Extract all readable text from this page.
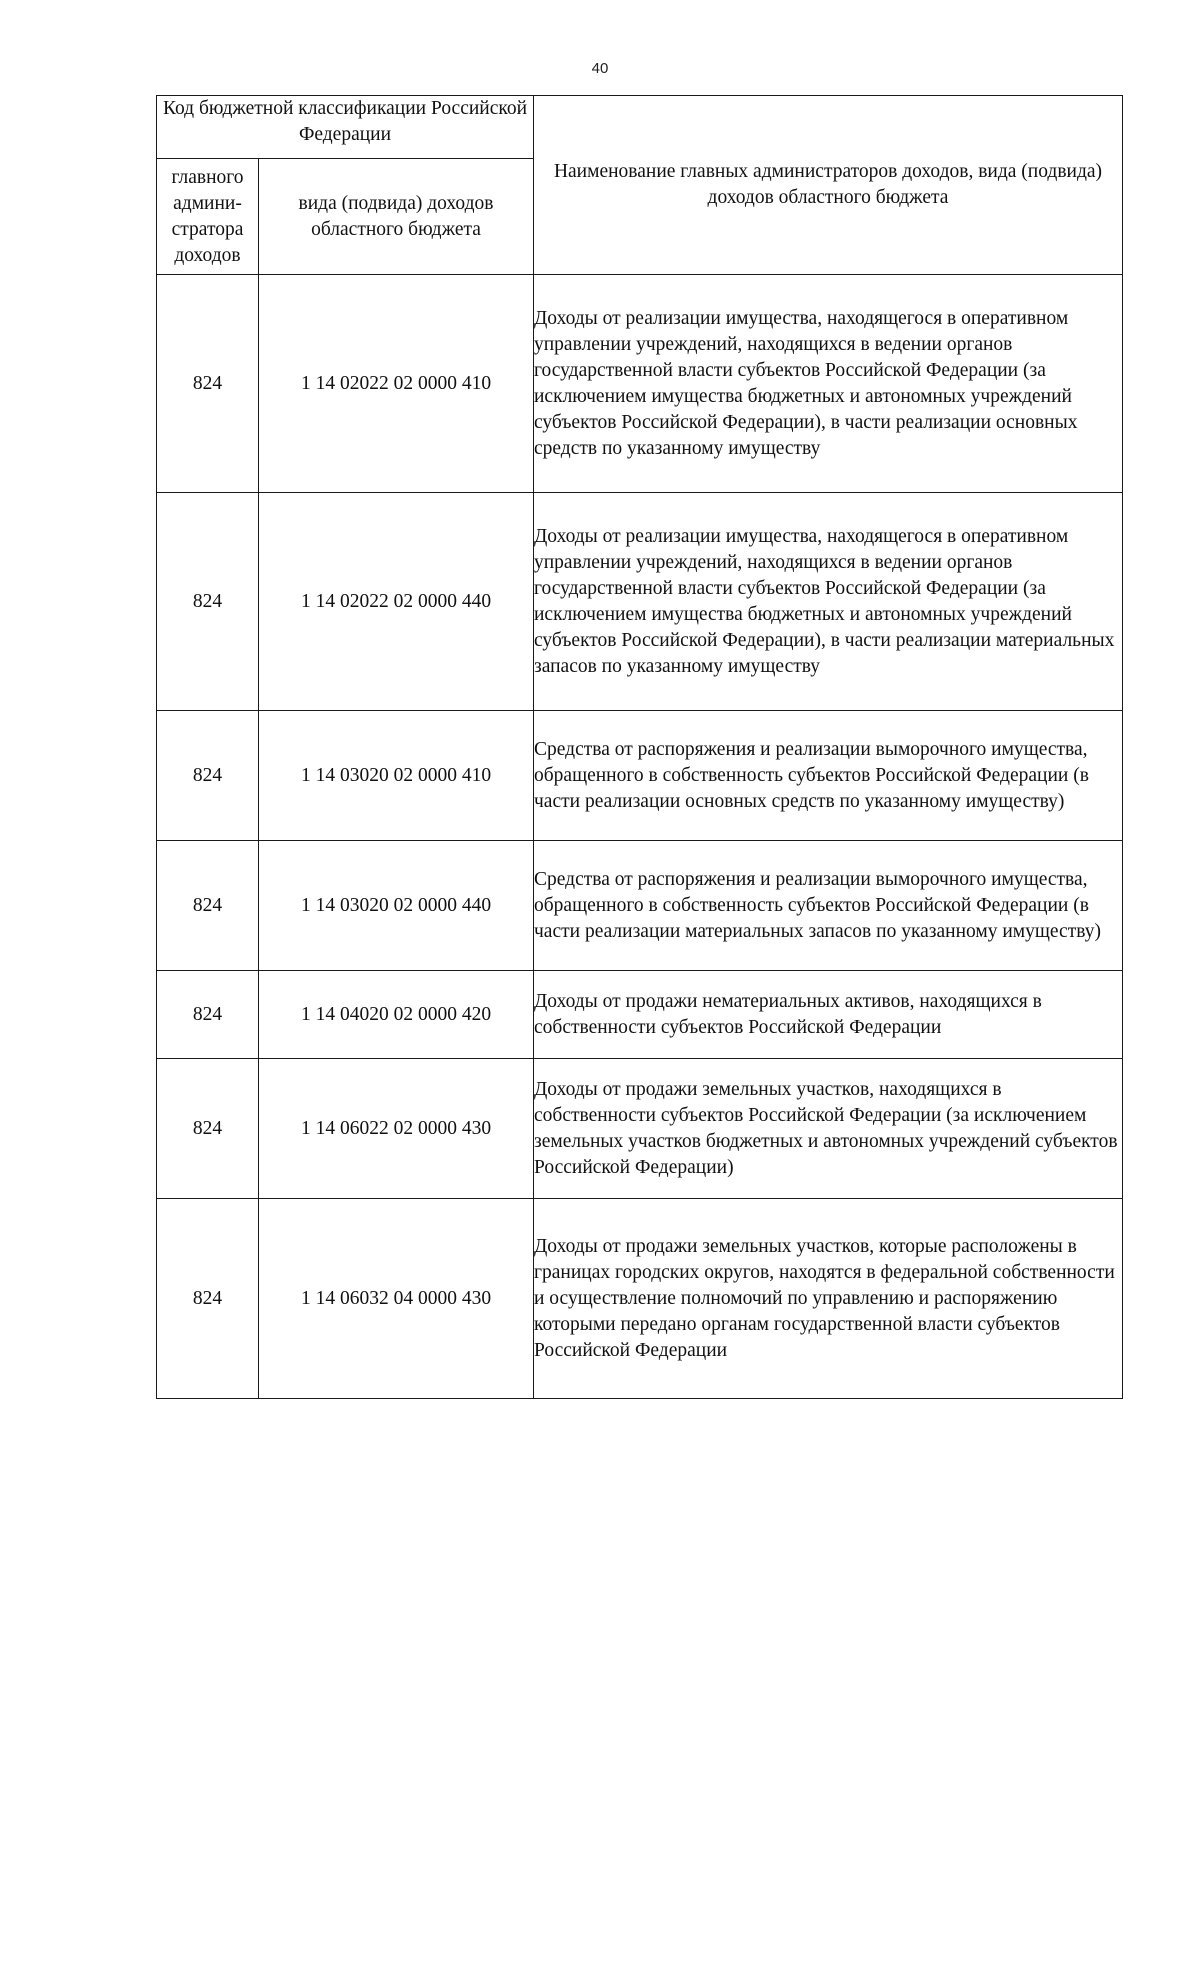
40
Код бюджетной классификации Российской Федерации		Наименование главных администраторов доходов, вида (подвида) доходов областного бюджета
главного админи-стратора доходов	вида (подвида) доходов областного бюджета	
824	1 14 02022 02 0000 410	Доходы от реализации имущества, находящегося в оперативном управлении учреждений, находящихся в ведении органов государственной власти субъектов Российской Федерации (за исключением имущества бюджетных и автономных учреждений субъектов Российской Федерации), в части реализации основных средств по указанному имуществу
824	1 14 02022 02 0000 440	Доходы от реализации имущества, находящегося в оперативном управлении учреждений, находящихся в ведении органов государственной власти субъектов Российской Федерации (за исключением имущества бюджетных и автономных учреждений субъектов Российской Федерации), в части реализации материальных запасов по указанному имуществу
824	1 14 03020 02 0000 410	Средства от распоряжения и реализации выморочного имущества, обращенного в собственность субъектов Российской Федерации (в части реализации основных средств по указанному имуществу)
824	1 14 03020 02 0000 440	Средства от распоряжения и реализации выморочного имущества, обращенного в собственность субъектов Российской Федерации (в части реализации материальных запасов по указанному имуществу)
824	1 14 04020 02 0000 420	Доходы от продажи нематериальных активов, находящихся в собственности субъектов Российской Федерации
824	1 14 06022 02 0000 430	Доходы от продажи земельных участков, находящихся в собственности субъектов Российской Федерации (за исключением земельных участков бюджетных и автономных учреждений субъектов Российской Федерации)
824	1 14 06032 04 0000 430	Доходы от продажи земельных участков, которые расположены в границах городских округов, находятся в федеральной собственности и осуществление полномочий по управлению и распоряжению которыми передано органам государственной власти субъектов Российской Федерации
